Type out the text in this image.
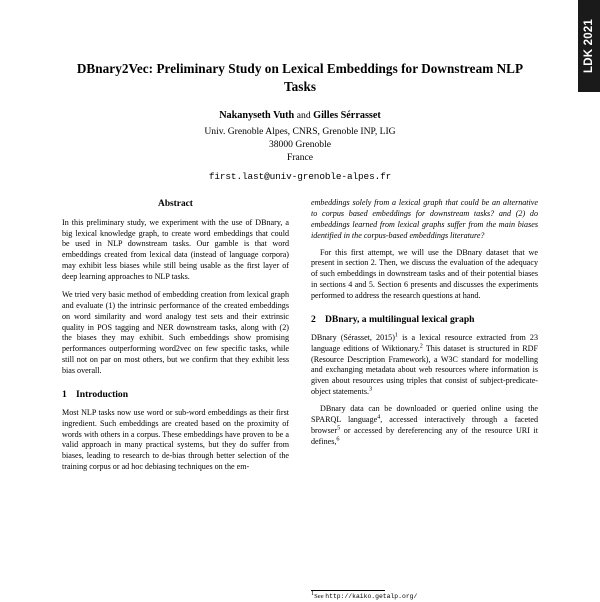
LDK 2021
DBnary2Vec: Preliminary Study on Lexical Embeddings for Downstream NLP Tasks
Nakanyseth Vuth and Gilles Sérrasset
Univ. Grenoble Alpes, CNRS, Grenoble INP, LIG
38000 Grenoble
France
first.last@univ-grenoble-alpes.fr
Abstract

In this preliminary study, we experiment with the use of DBnary, a big lexical knowledge graph, to create word embeddings that could be used in NLP downstream tasks. Our gamble is that word embeddings created from lexical data (instead of language corpora) may exhibit less biases while still being usable as the first layer of deep learning approaches to NLP tasks.

We tried very basic method of embedding creation from lexical graph and evaluate (1) the intrinsic performance of the created embeddings on word similarity and word analogy test sets and their extrinsic quality in POS tagging and NER downstream tasks, along with (2) the biases they may exhibit. Such embeddings show promising performances outperforming word2vec on few specific tasks, while still not on par on most others, but we confirm that they exhibit less bias overall.

1 Introduction

Most NLP tasks now use word or sub-word embeddings as their first ingredient. Such embeddings are created based on the proximity of words with others in a corpus. These embeddings have proven to be a valid approach in many practical systems, but they do suffer from biases, leading to research to de-bias through better selection of the training corpus or ad hoc debiasing techniques on the em-

embeddings solely from a lexical graph that could be an alternative to corpus based embeddings for downstream tasks? and (2) do embeddings learned from lexical graphs suffer from the main biases identified in the corpus-based embeddings literature?

For this first attempt, we will use the DBnary dataset that we present in section 2. Then, we discuss the evaluation of the adequacy of such embeddings in downstream tasks and of their potential biases in sections 4 and 5. Section 6 presents and discusses the experiments performed to address the research questions at hand.

2 DBnary, a multilingual lexical graph

DBnary (Sérasset, 2015)$^1$ is a lexical resource extracted from 23 language editions of Wiktionary.$^2$ This dataset is structured in RDF (Resource Description Framework), a W3C standard for modelling and exchanging metadata about web resources where information is given about resources using triples that consist of subject-predicate-object statements.$^3$

DBnary data can be downloaded or queried online using the SPARQL language$^4$, accessed interactively through a faceted browser$^5$ or accessed by dereferencing any of the resource URI it defines,$^6$

$^1$See http://kaiko.getalp.org/
